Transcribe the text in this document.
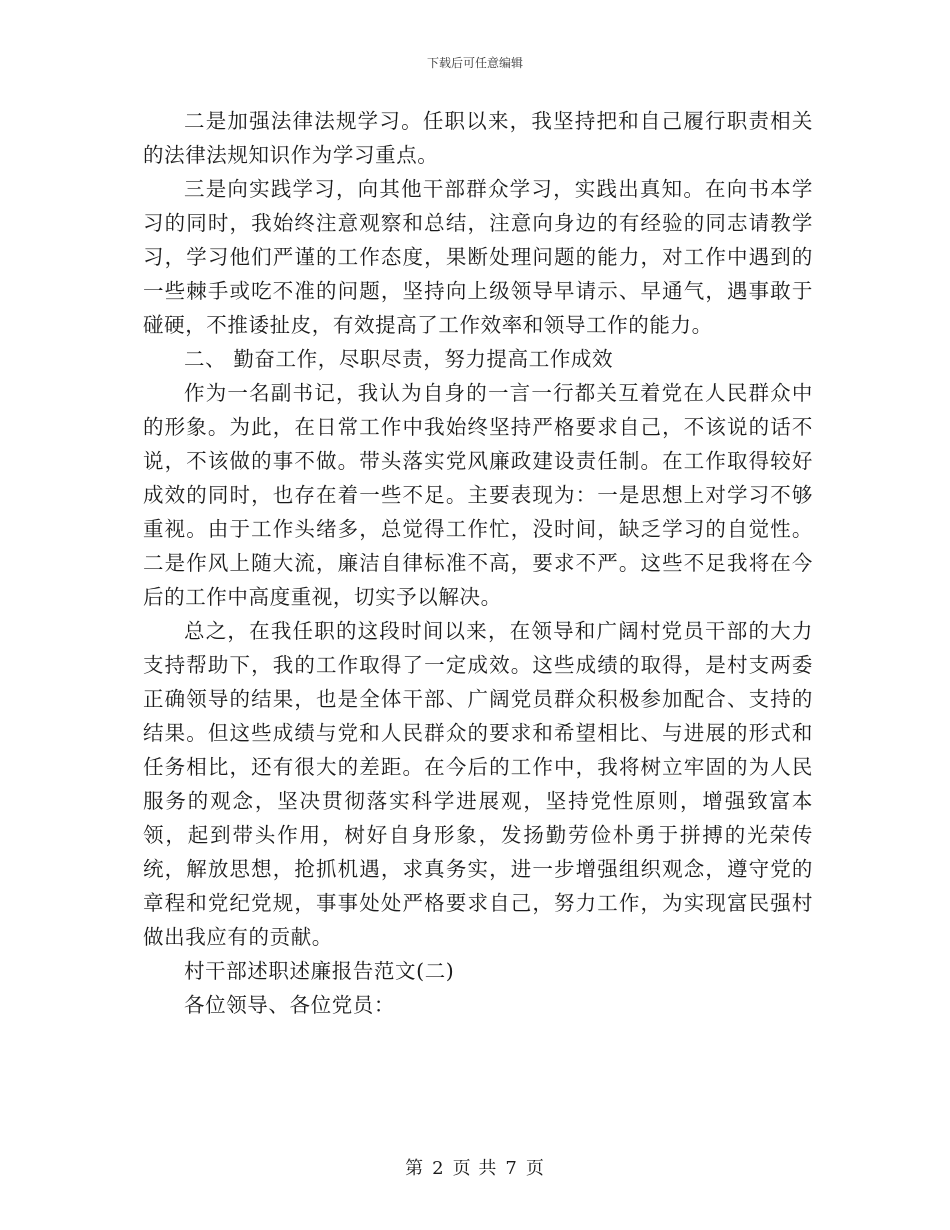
下载后可任意编辑

二是加强法律法规学习。任职以来，我坚持把和自己履行职责相关的法律法规知识作为学习重点。

三是向实践学习，向其他干部群众学习，实践出真知。在向书本学习的同时，我始终注意观察和总结，注意向身边的有经验的同志请教学习，学习他们严谨的工作态度，果断处理问题的能力，对工作中遇到的一些棘手或吃不准的问题，坚持向上级领导早请示、早通气，遇事敢于碰硬，不推诿扯皮，有效提高了工作效率和领导工作的能力。

二、 勤奋工作，尽职尽责，努力提高工作成效

作为一名副书记，我认为自身的一言一行都关互着党在人民群众中的形象。为此，在日常工作中我始终坚持严格要求自己，不该说的话不说，不该做的事不做。带头落实党风廉政建设责任制。在工作取得较好成效的同时，也存在着一些不足。主要表现为：一是思想上对学习不够重视。由于工作头绪多，总觉得工作忙，没时间，缺乏学习的自觉性。二是作风上随大流，廉洁自律标准不高，要求不严。这些不足我将在今后的工作中高度重视，切实予以解决。

总之，在我任职的这段时间以来，在领导和广阔村党员干部的大力支持帮助下，我的工作取得了一定成效。这些成绩的取得，是村支两委正确领导的结果，也是全体干部、广阔党员群众积极参加配合、支持的结果。但这些成绩与党和人民群众的要求和希望相比、与进展的形式和任务相比，还有很大的差距。在今后的工作中，我将树立牢固的为人民服务的观念，坚决贯彻落实科学进展观，坚持党性原则，增强致富本领，起到带头作用，树好自身形象，发扬勤劳俭朴勇于拼搏的光荣传统，解放思想，抢抓机遇，求真务实，进一步增强组织观念，遵守党的章程和党纪党规，事事处处严格要求自己，努力工作，为实现富民强村做出我应有的贡献。

村干部述职述廉报告范文(二)

各位领导、各位党员：

第 2 页 共 7 页
